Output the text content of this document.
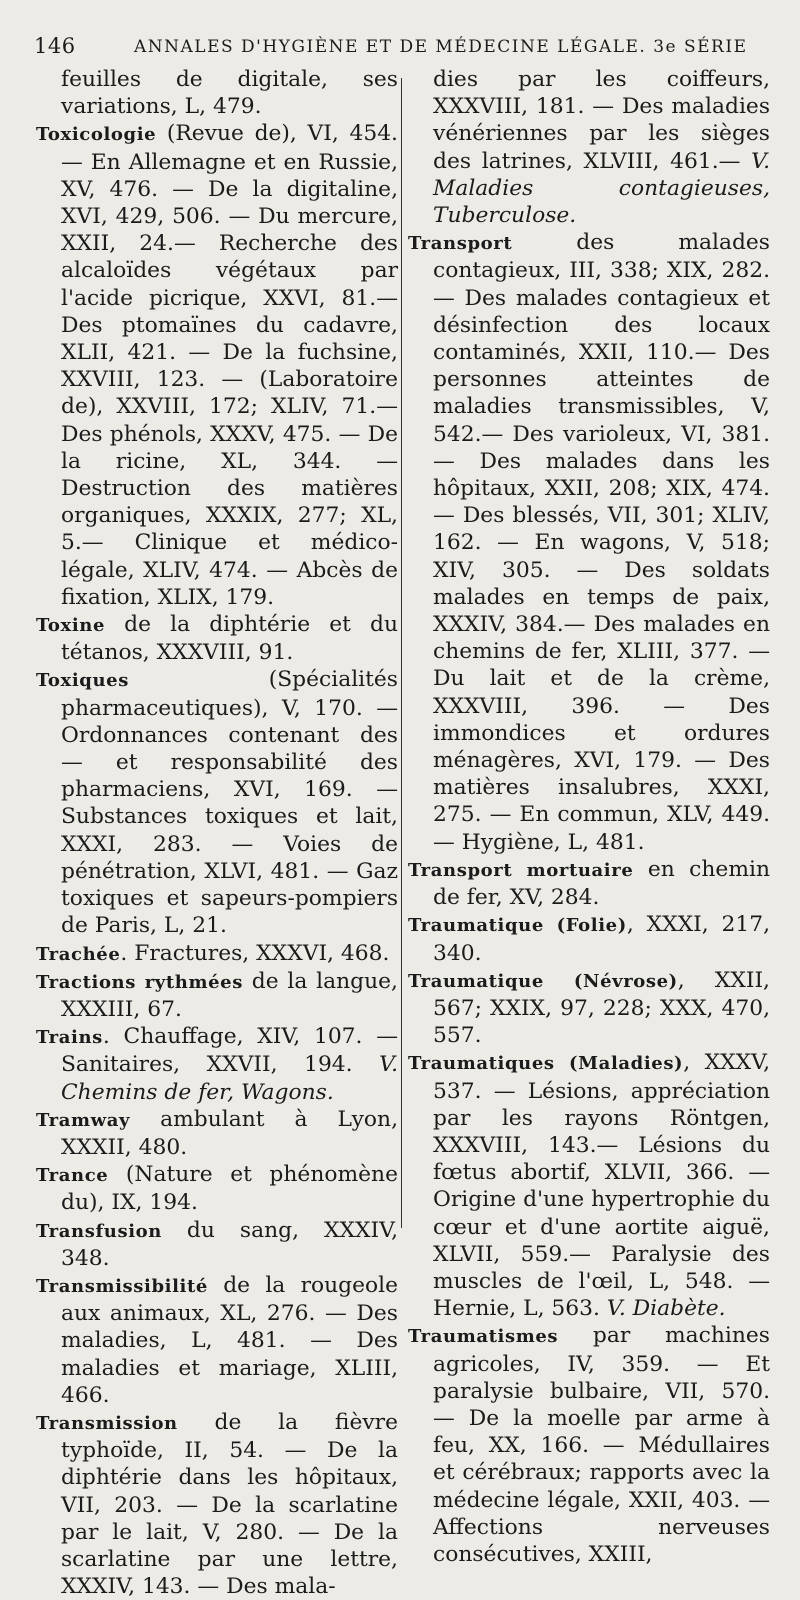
146	ANNALES D'HYGIÈNE ET DE MÉDECINE LÉGALE. 3e SÉRIE

feuilles de digitale, ses variations, L, 479.

Toxicologie (Revue de), VI, 454. — En Allemagne et en Russie, XV, 476. — De la digitaline, XVI, 429, 506. — Du mercure, XXII, 24.— Recherche des alcaloïdes végétaux par l'acide picrique, XXVI, 81.— Des ptomaïnes du cadavre, XLII, 421. — De la fuchsine, XXVIII, 123. — (Laboratoire de), XXVIII, 172; XLIV, 71.— Des phénols, XXXV, 475. — De la ricine, XL, 344. — Destruction des matières organiques, XXXIX, 277; XL, 5.— Clinique et médico-légale, XLIV, 474. — Abcès de fixation, XLIX, 179.

Toxine de la diphtérie et du tétanos, XXXVIII, 91.

Toxiques (Spécialités pharmaceutiques), V, 170. — Ordonnances contenant des — et responsabilité des pharmaciens, XVI, 169. — Substances toxiques et lait, XXXI, 283. — Voies de pénétration, XLVI, 481. — Gaz toxiques et sapeurs-pompiers de Paris, L, 21.

Trachée. Fractures, XXXVI, 468.

Tractions rythmées de la langue, XXXIII, 67.

Trains. Chauffage, XIV, 107. — Sanitaires, XXVII, 194. V. Chemins de fer, Wagons.

Tramway ambulant à Lyon, XXXII, 480.

Trance (Nature et phénomène du), IX, 194.

Transfusion du sang, XXXIV, 348.

Transmissibilité de la rougeole aux animaux, XL, 276. — Des maladies, L, 481. — Des maladies et mariage, XLIII, 466.

Transmission de la fièvre typhoïde, II, 54. — De la diphtérie dans les hôpitaux, VII, 203. — De la scarlatine par le lait, V, 280. — De la scarlatine par une lettre, XXXIV, 143. — Des mala-

dies par les coiffeurs, XXXVIII, 181. — Des maladies vénériennes par les sièges des latrines, XLVIII, 461.— V. Maladies contagieuses, Tuberculose.

Transport des malades contagieux, III, 338; XIX, 282. — Des malades contagieux et désinfection des locaux contaminés, XXII, 110.— Des personnes atteintes de maladies transmissibles, V, 542.— Des varioleux, VI, 381.— Des malades dans les hôpitaux, XXII, 208; XIX, 474. — Des blessés, VII, 301; XLIV, 162. — En wagons, V, 518; XIV, 305. — Des soldats malades en temps de paix, XXXIV, 384.— Des malades en chemins de fer, XLIII, 377. — Du lait et de la crème, XXXVIII, 396. — Des immondices et ordures ménagères, XVI, 179. — Des matières insalubres, XXXI, 275. — En commun, XLV, 449.— Hygiène, L, 481.

Transport mortuaire en chemin de fer, XV, 284.

Traumatique (Folie), XXXI, 217, 340.

Traumatique (Névrose), XXII, 567; XXIX, 97, 228; XXX, 470, 557.

Traumatiques (Maladies), XXXV, 537. — Lésions, appréciation par les rayons Röntgen, XXXVIII, 143.— Lésions du fœtus abortif, XLVII, 366. — Origine d'une hypertrophie du cœur et d'une aortite aiguë, XLVII, 559.— Paralysie des muscles de l'œil, L, 548. — Hernie, L, 563. V. Diabète.

Traumatismes par machines agricoles, IV, 359. — Et paralysie bulbaire, VII, 570. — De la moelle par arme à feu, XX, 166. — Médullaires et cérébraux; rapports avec la médecine légale, XXII, 403. — Affections nerveuses consécutives, XXIII,
